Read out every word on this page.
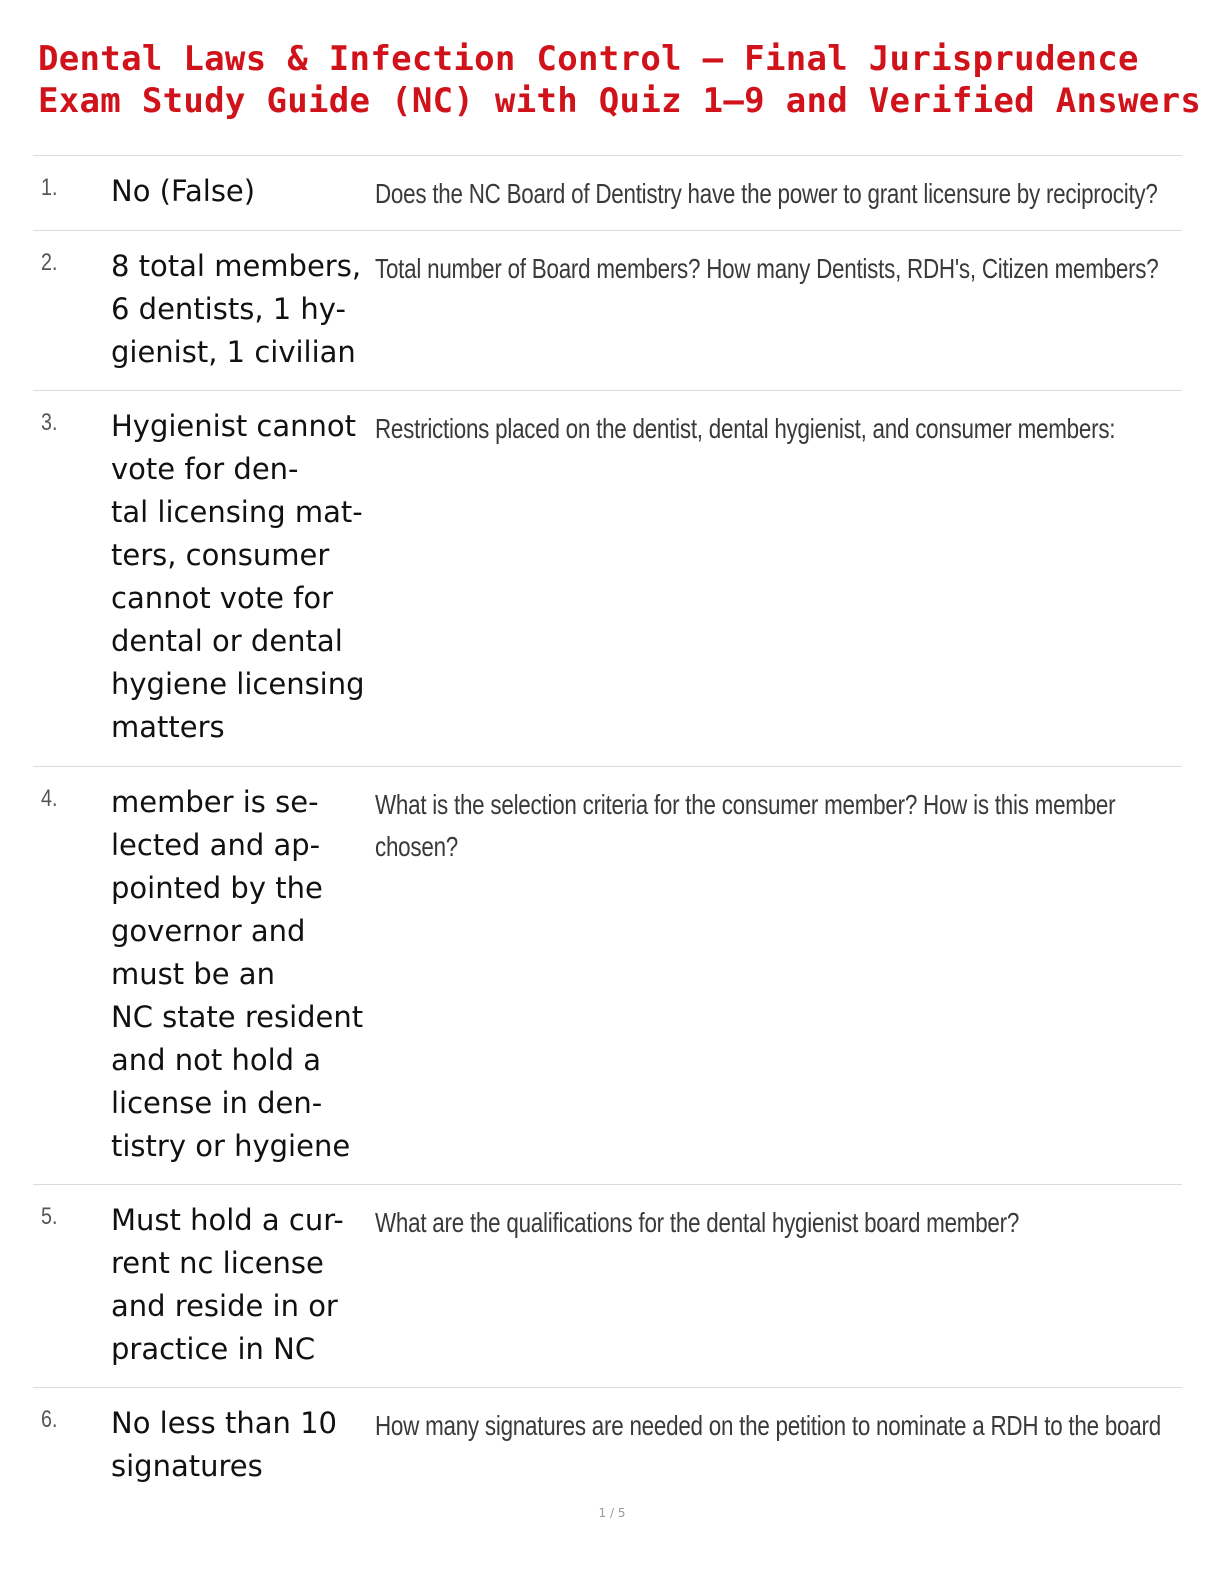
Dental Laws & Infection Control – Final Jurisprudence
Exam Study Guide (NC) with Quiz 1–9 and Verified Answers
1. No (False)	Does the NC Board of Dentistry have the power to grant licensure by reciprocity?
2. 8 total members,
6 dentists, 1 hy-
gienist, 1 civilian
Total number of Board members? How many Dentists, RDH's, Citizen members?
3. Hygienist cannot
vote for den-
tal licensing mat-
ters, consumer
cannot vote for
dental or dental
hygiene licensing
matters
Restrictions placed on the dentist, dental hygienist, and consumer members:
4. member is se-
lected and ap-
pointed by the
governor and
must be an
NC state resident
and not hold a
license in den-
tistry or hygiene
What is the selection criteria for the consumer member? How is this member
chosen?
5. Must hold a cur-
rent nc license
and reside in or
practice in NC
What are the qualifications for the dental hygienist board member?
6. No less than 10
signatures
How many signatures are needed on the petition to nominate a RDH to the board
1 / 5
